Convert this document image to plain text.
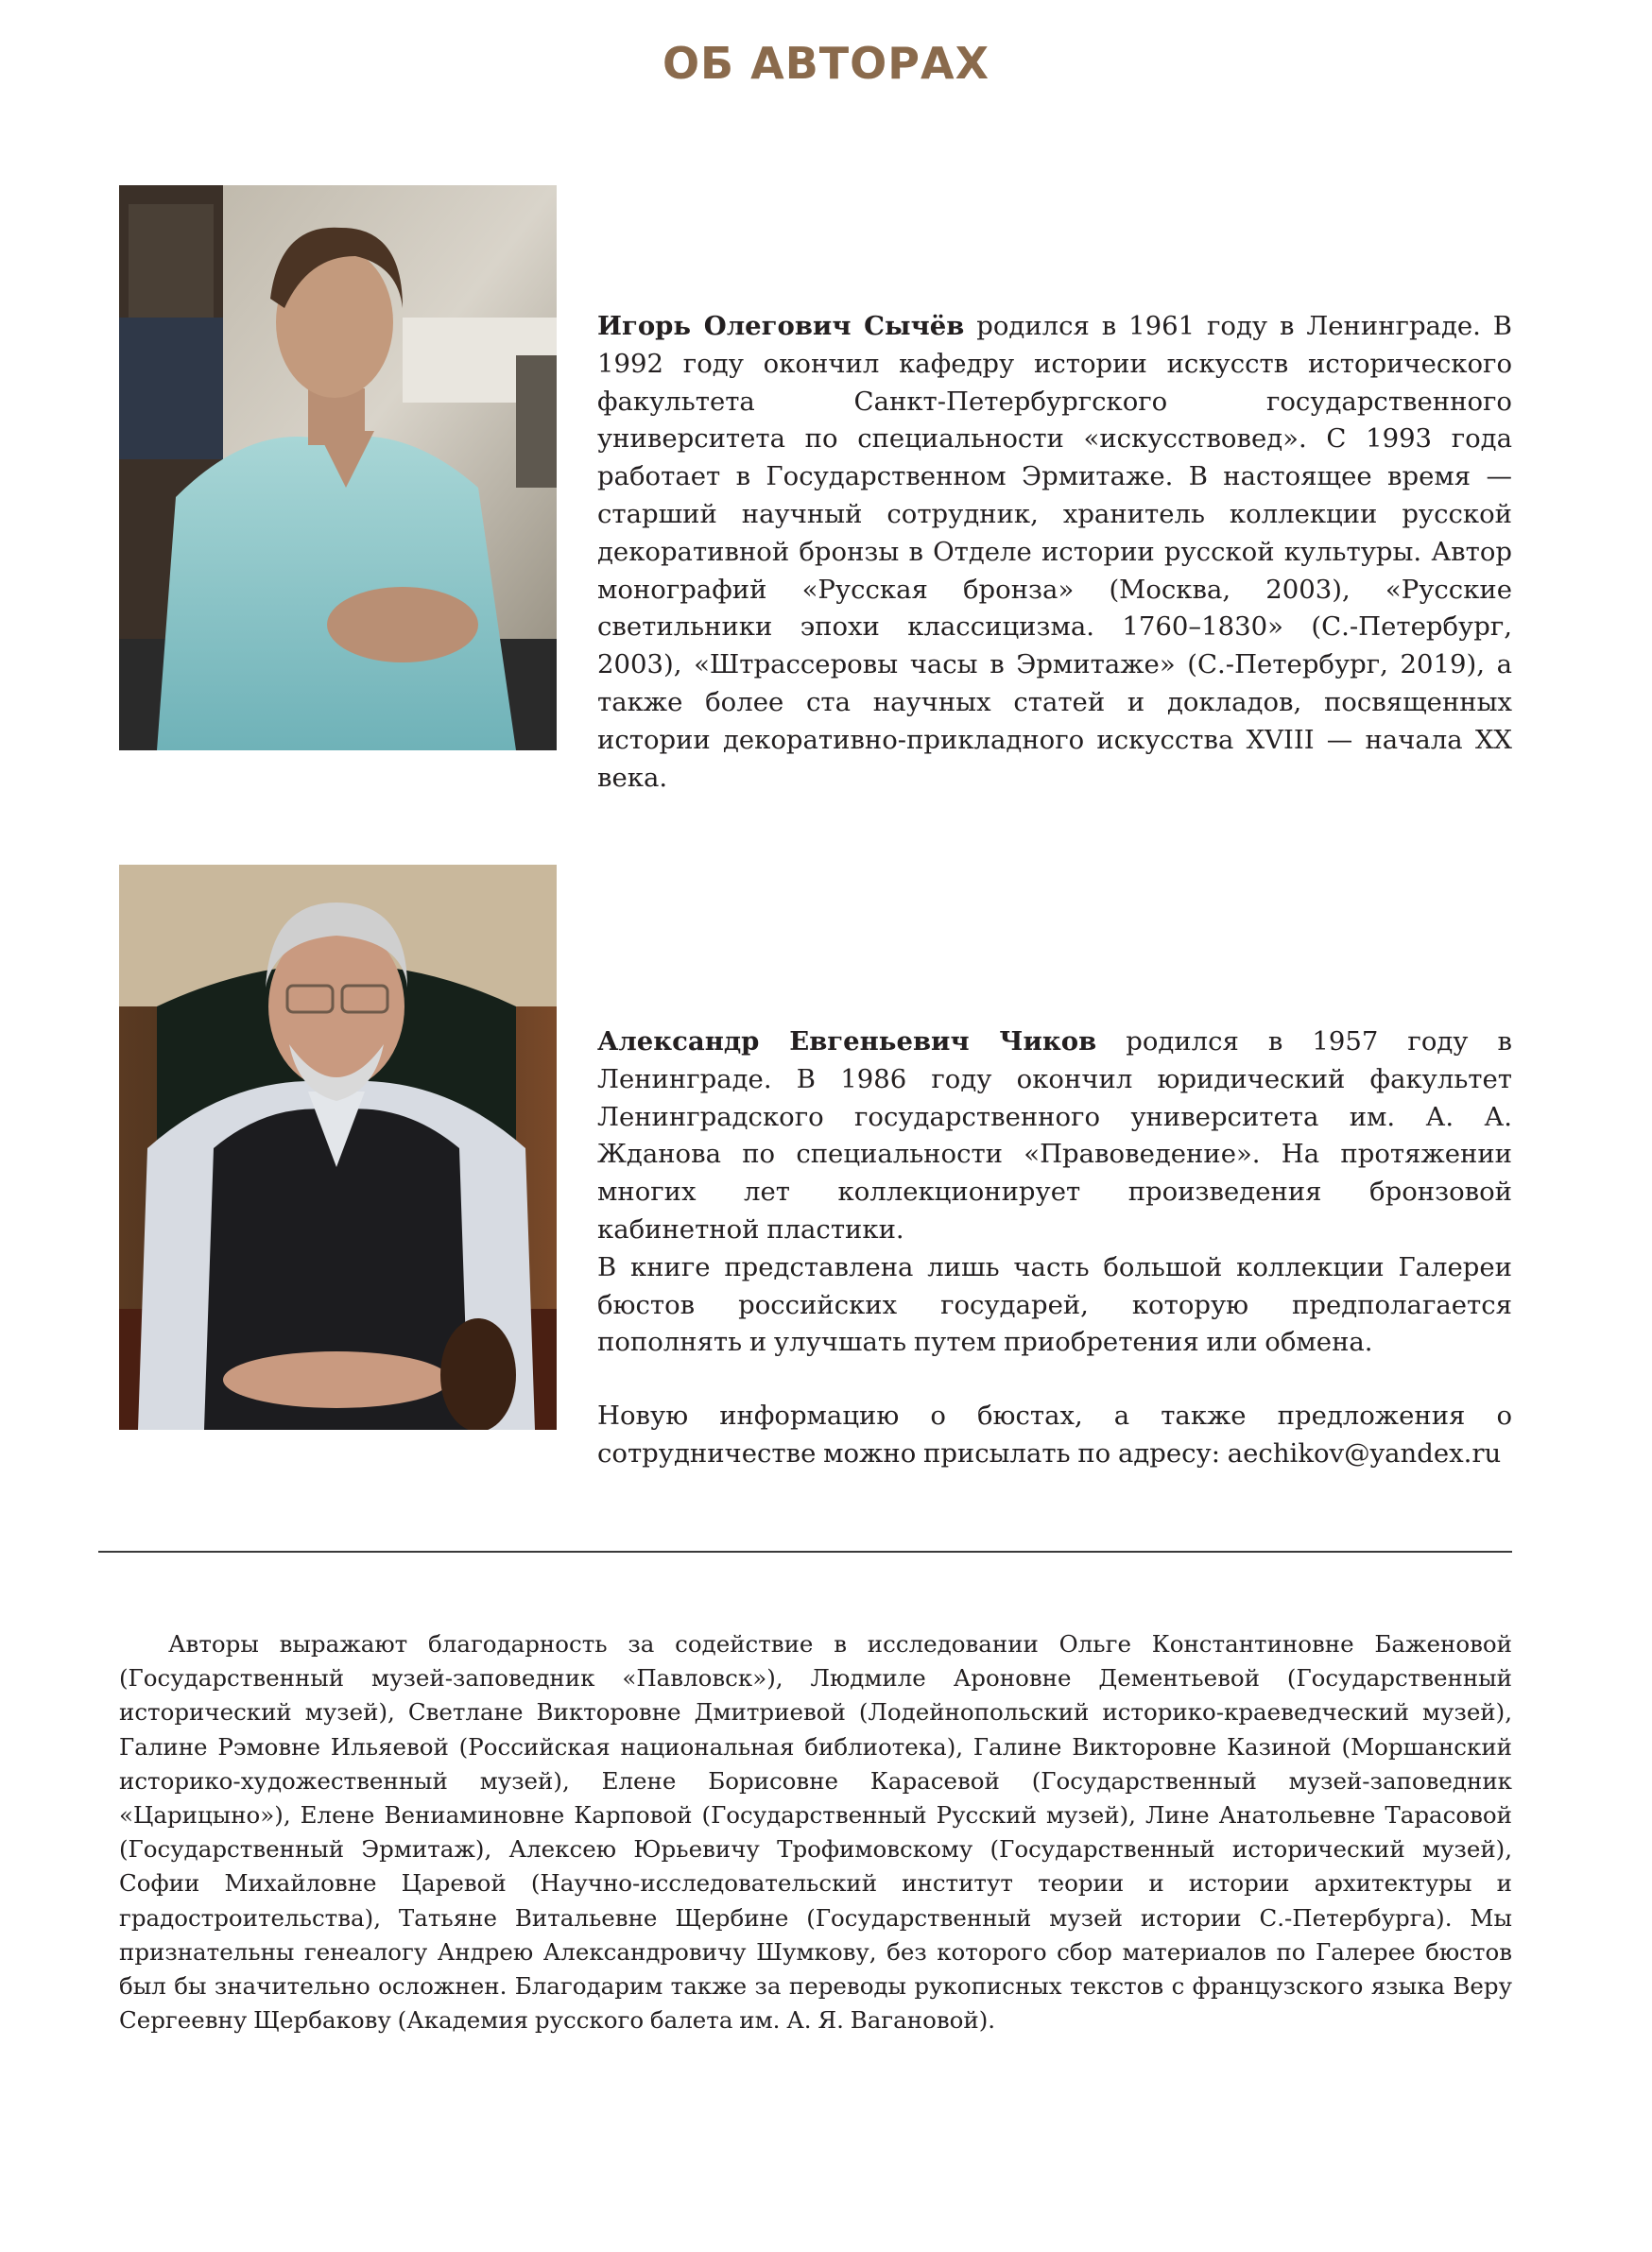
ОБ АВТОРАХ

Игорь Олегович Сычёв родился в 1961 году в Ленинграде. В 1992 году окончил кафедру истории искусств исторического факультета Санкт-Петербургского государственного университета по специальности «искусствовед». С 1993 года работает в Государственном Эрмитаже. В настоящее время — старший научный сотрудник, хранитель коллекции русской декоративной бронзы в Отделе истории русской культуры. Автор монографий «Русская бронза» (Москва, 2003), «Русские светильники эпохи классицизма. 1760–1830» (С.-Петербург, 2003), «Штрассеровы часы в Эрмитаже» (С.-Петербург, 2019), а также более ста научных статей и докладов, посвященных истории декоративно-прикладного искусства XVIII — начала XX века.

Александр Евгеньевич Чиков родился в 1957 году в Ленинграде. В 1986 году окончил юридический факультет Ленинградского государственного университета им. А. А. Жданова по специальности «Правоведение». На протяжении многих лет коллекционирует произведения бронзовой кабинетной пластики.

В книге представлена лишь часть большой коллекции Галереи бюстов российских государей, которую предполагается пополнять и улучшать путем приобретения или обмена.

Новую информацию о бюстах, а также предложения о сотрудничестве можно присылать по адресу: aechikov@yandex.ru

Авторы выражают благодарность за содействие в исследовании Ольге Константиновне Баженовой (Государственный музей-заповедник «Павловск»), Людмиле Ароновне Дементьевой (Государственный исторический музей), Светлане Викторовне Дмитриевой (Лодейнопольский историко-краеведческий музей), Галине Рэмовне Ильяевой (Российская национальная библиотека), Галине Викторовне Казиной (Моршанский историко-художественный музей), Елене Борисовне Карасевой (Государственный музей-заповедник «Царицыно»), Елене Вениаминовне Карповой (Государственный Русский музей), Лине Анатольевне Тарасовой (Государственный Эрмитаж), Алексею Юрьевичу Трофимовскому (Государственный исторический музей), Софии Михайловне Царевой (Научно-исследовательский институт теории и истории архитектуры и градостроительства), Татьяне Витальевне Щербине (Государственный музей истории С.-Петербурга). Мы признательны генеалогу Андрею Александровичу Шумкову, без которого сбор материалов по Галерее бюстов был бы значительно осложнен. Благодарим также за переводы рукописных текстов с французского языка Веру Сергеевну Щербакову (Академия русского балета им. А. Я. Вагановой).
